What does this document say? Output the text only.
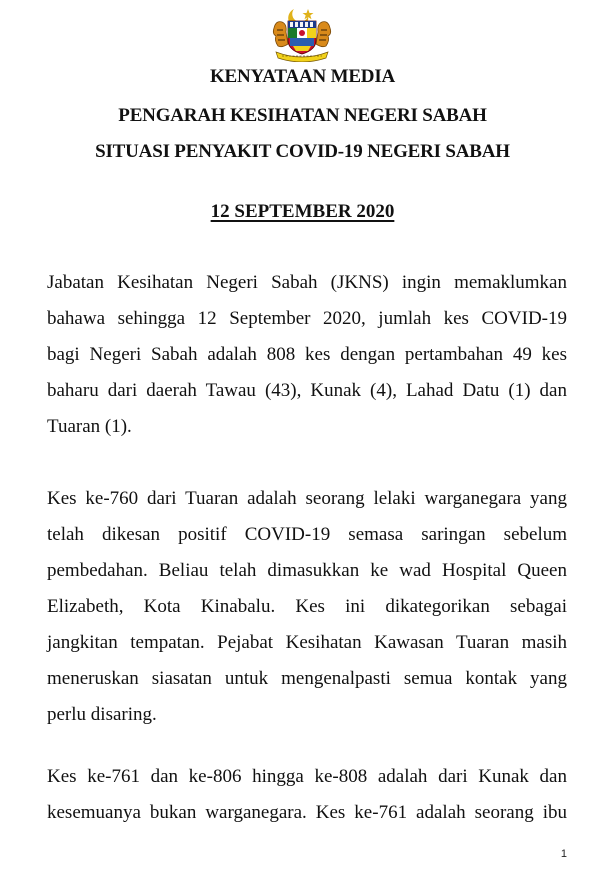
KENYATAAN MEDIA
PENGARAH KESIHATAN NEGERI SABAH
SITUASI PENYAKIT COVID-19 NEGERI SABAH
12 SEPTEMBER 2020
Jabatan Kesihatan Negeri Sabah (JKNS) ingin memaklumkan
bahawa sehingga 12 September 2020, jumlah kes COVID-19
bagi Negeri Sabah adalah 808 kes dengan pertambahan 49 kes
baharu dari daerah Tawau (43), Kunak (4), Lahad Datu (1) dan
Tuaran (1).
Kes ke-760 dari Tuaran adalah seorang lelaki warganegara yang
telah dikesan positif COVID-19 semasa saringan sebelum
pembedahan. Beliau telah dimasukkan ke wad Hospital Queen
Elizabeth, Kota Kinabalu. Kes ini dikategorikan sebagai
jangkitan tempatan. Pejabat Kesihatan Kawasan Tuaran masih
meneruskan siasatan untuk mengenalpasti semua kontak yang
perlu disaring.
Kes ke-761 dan ke-806 hingga ke-808 adalah dari Kunak dan
kesemuanya bukan warganegara. Kes ke-761 adalah seorang ibu
1
